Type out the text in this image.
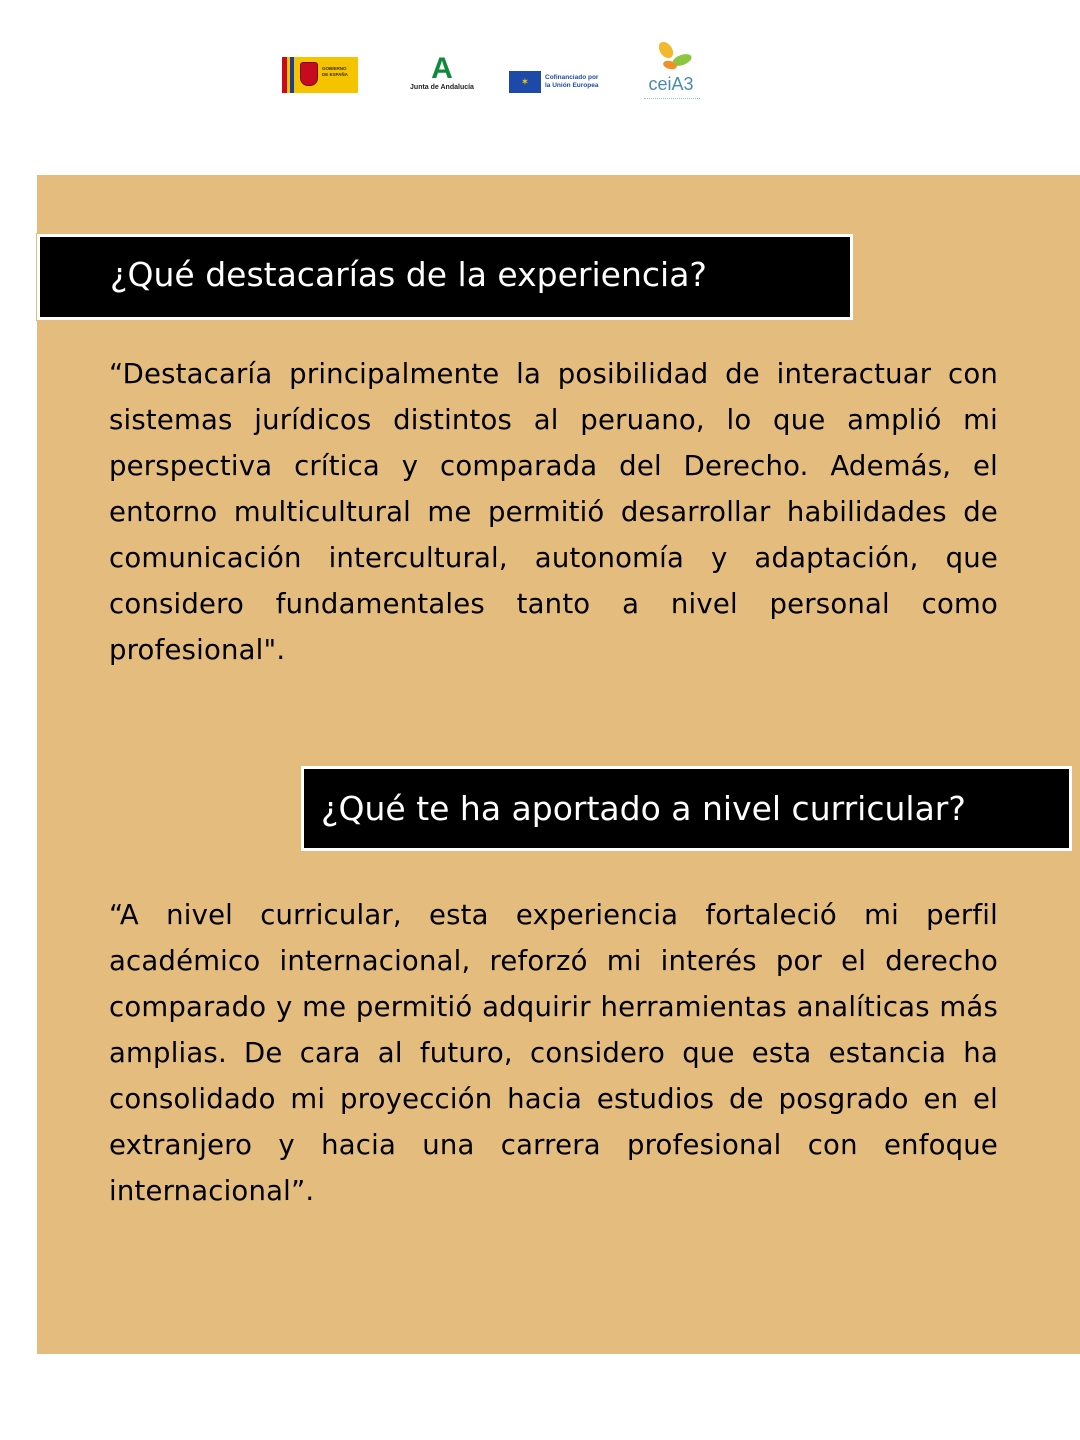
GOBIERNO
DE ESPAÑA	A
Junta de Andalucía	✶	Cofinanciado por
la Unión Europea	ceiA3
¿Qué destacarías de la experiencia?

“Destacaría principalmente la posibilidad de interactuar con sistemas jurídicos distintos al peruano, lo que amplió mi perspectiva crítica y comparada del Derecho. Además, el entorno multicultural me permitió desarrollar habilidades de comunicación intercultural, autonomía y adaptación, que considero fundamentales tanto a nivel personal como profesional".

¿Qué te ha aportado a nivel curricular?

“A nivel curricular, esta experiencia fortaleció mi perfil académico internacional, reforzó mi interés por el derecho comparado y me permitió adquirir herramientas analíticas más amplias. De cara al futuro, considero que esta estancia ha consolidado mi proyección hacia estudios de posgrado en el extranjero y hacia una carrera profesional con enfoque internacional”.
